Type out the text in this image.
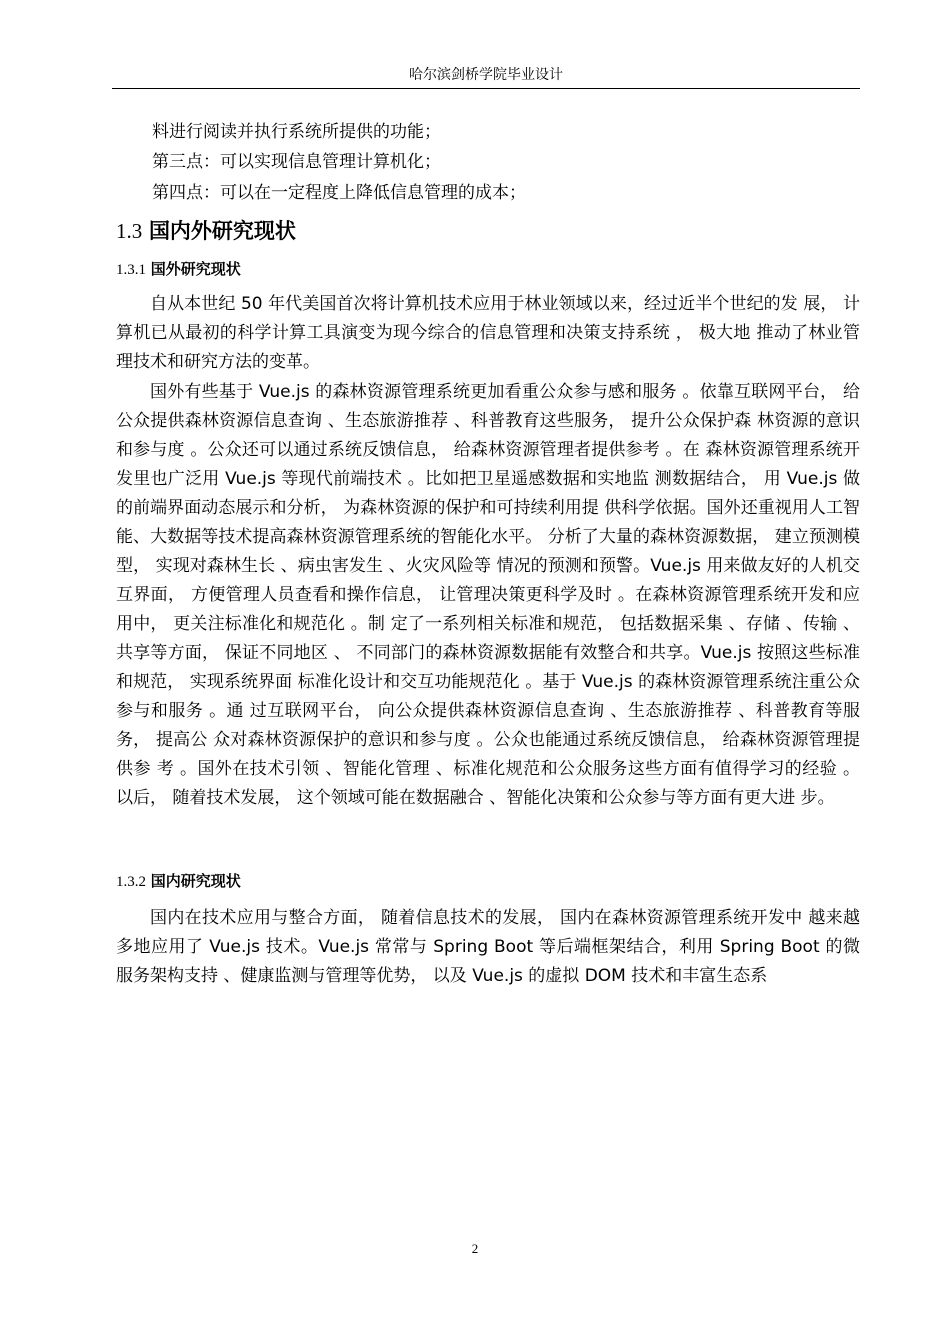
哈尔滨剑桥学院毕业设计
料进行阅读并执行系统所提供的功能；
第三点：可以实现信息管理计算机化；
第四点：可以在一定程度上降低信息管理的成本；
1.3 国内外研究现状
1.3.1 国外研究现状

自从本世纪 50 年代美国首次将计算机技术应用于林业领域以来，经过近半个世纪的发 展， 计算机已从最初的科学计算工具演变为现今综合的信息管理和决策支持系统 ， 极大地 推动了林业管理技术和研究方法的变革。

国外有些基于 Vue.js 的森林资源管理系统更加看重公众参与感和服务 。依靠互联网平台， 给公众提供森林资源信息查询 、生态旅游推荐 、科普教育这些服务， 提升公众保护森 林资源的意识和参与度 。公众还可以通过系统反馈信息， 给森林资源管理者提供参考 。在 森林资源管理系统开发里也广泛用 Vue.js 等现代前端技术 。比如把卫星遥感数据和实地监 测数据结合， 用 Vue.js 做的前端界面动态展示和分析， 为森林资源的保护和可持续利用提 供科学依据。国外还重视用人工智能、大数据等技术提高森林资源管理系统的智能化水平。 分析了大量的森林资源数据， 建立预测模型， 实现对森林生长 、病虫害发生 、火灾风险等 情况的预测和预警。Vue.js 用来做友好的人机交互界面， 方便管理人员查看和操作信息， 让管理决策更科学及时 。在森林资源管理系统开发和应用中， 更关注标准化和规范化 。制 定了一系列相关标准和规范， 包括数据采集 、存储 、传输 、共享等方面， 保证不同地区 、 不同部门的森林资源数据能有效整合和共享。Vue.js 按照这些标准和规范， 实现系统界面 标准化设计和交互功能规范化 。基于 Vue.js 的森林资源管理系统注重公众参与和服务 。通 过互联网平台， 向公众提供森林资源信息查询 、生态旅游推荐 、科普教育等服务， 提高公 众对森林资源保护的意识和参与度 。公众也能通过系统反馈信息， 给森林资源管理提供参 考 。国外在技术引领 、智能化管理 、标准化规范和公众服务这些方面有值得学习的经验 。 以后， 随着技术发展， 这个领域可能在数据融合 、智能化决策和公众参与等方面有更大进 步。

1.3.2 国内研究现状

国内在技术应用与整合方面， 随着信息技术的发展， 国内在森林资源管理系统开发中 越来越多地应用了 Vue.js 技术。Vue.js 常常与 Spring Boot 等后端框架结合，利用 Spring Boot 的微服务架构支持 、健康监测与管理等优势， 以及 Vue.js 的虚拟 DOM 技术和丰富生态系

2
